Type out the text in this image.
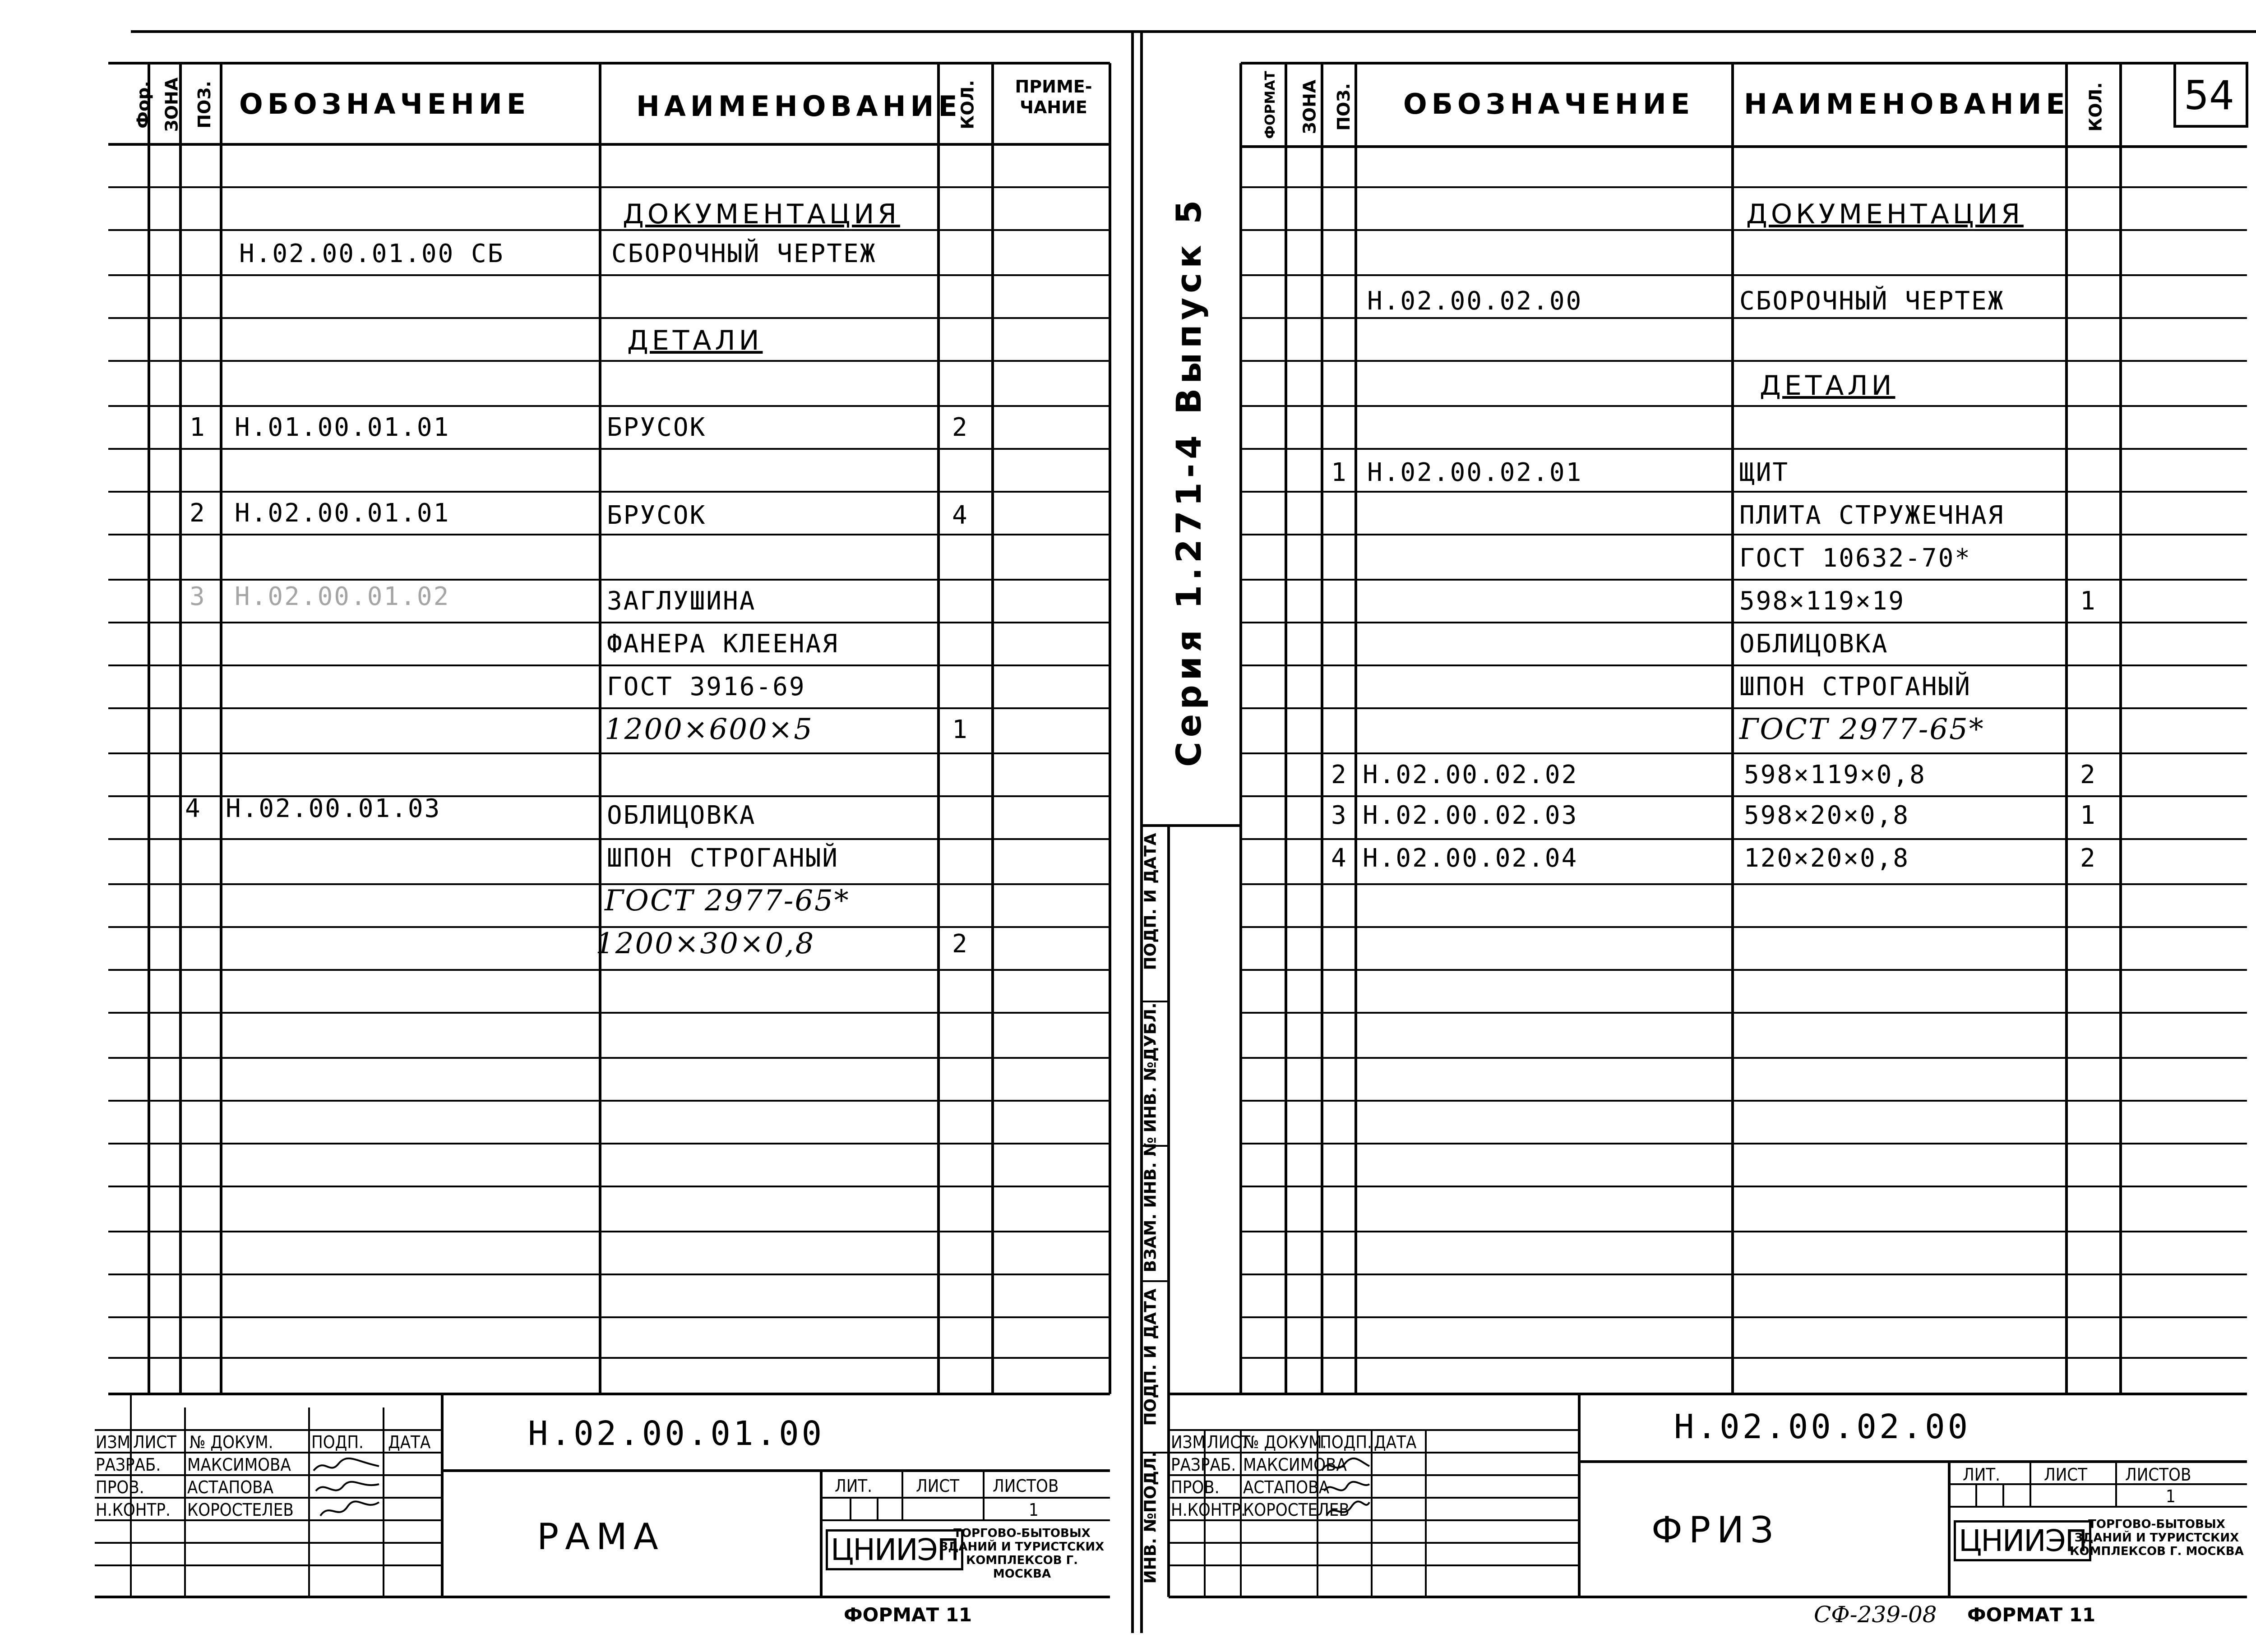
Фор. ЗОНА ПОЗ. ОБОЗНАЧЕНИЕ	НАИМЕНОВАНИЕ
КОЛ.	ПРИМЕ-ЧАНИЕ
ДОКУМЕНТАЦИЯ
ДЕТАЛИ
Н.02.00.01.00 СБ	СБОРОЧНЫЙ ЧЕРТЕЖ
1 Н.01.00.01.01	БРУСОК	2
2 Н.02.00.01.01	БРУСОК	4
3 Н.02.00.01.02	ЗАГЛУШИНА
ФАНЕРА КЛЕЕНАЯ
ГОСТ 3916-69
1200×600×5	1
4 Н.02.00.01.03	ОБЛИЦОВКА
ШПОН СТРОГАНЫЙ
ГОСТ 2977-65*
1200×30×0,8	2
Н.02.00.01.00
РАМА
ИЗМ ЛИСТ № ДОКУМ. ПОДП. ДАТА
РАЗРАБ. МАКСИМОВА
ПРОВ.	АСТАПОВА
Н.КОНТР. КОРОСТЕЛЕВ
ЛИТ.	ЛИСТ ЛИСТОВ
1
ЦНИИЭП
ТОРГОВО-БЫТОВЫХ ЗДАНИЙ И ТУРИСТСКИХ КОМПЛЕКСОВ Г. МОСКВА
ФОРМАТ 11
54
ФОРМАТ ЗОНА ПОЗ. ОБОЗНАЧЕНИЕ НАИМЕНОВАНИЕ КОЛ.
ДОКУМЕНТАЦИЯ
ДЕТАЛИ
Серия 1.271-4 Выпуск 5	Н.02.00.02.00	СБОРОЧНЫЙ ЧЕРТЕЖ
1 Н.02.00.02.01	ЩИТ
ПЛИТА СТРУЖЕЧНАЯ
ГОСТ 10632-70*
598×119×19	1
ОБЛИЦОВКА
ШПОН СТРОГАНЫЙ
ГОСТ 2977-65*
2 Н.02.00.02.02	598×119×0,8	2
3 Н.02.00.02.03	598×20×0,8	1
4 Н.02.00.02.04	120×20×0,8	2
ПОДП. И ДАТА
ИНВ. №ДУБЛ.
ВЗАМ. ИНВ. №
ПОДП. И ДАТА
ИНВ. №ПОДЛ.
Н.02.00.02.00
ФРИЗ
ИЗМ ЛИСТ
№ ДОКУМ.
ПОДП. ДАТА
РАЗРАБ. МАКСИМОВА
ПРОВ. АСТАПОВА
Н.КОНТР.
КОРОСТЕЛЕВ
ЛИТ.	ЛИСТ ЛИСТОВ
1
ЦНИИЭП ТОРГОВО-БЫТОВЫХ ЗДАНИЙ И ТУРИСТСКИХ КОМПЛЕКСОВ Г. МОСКВА
СФ-239-08 ФОРМАТ 11
